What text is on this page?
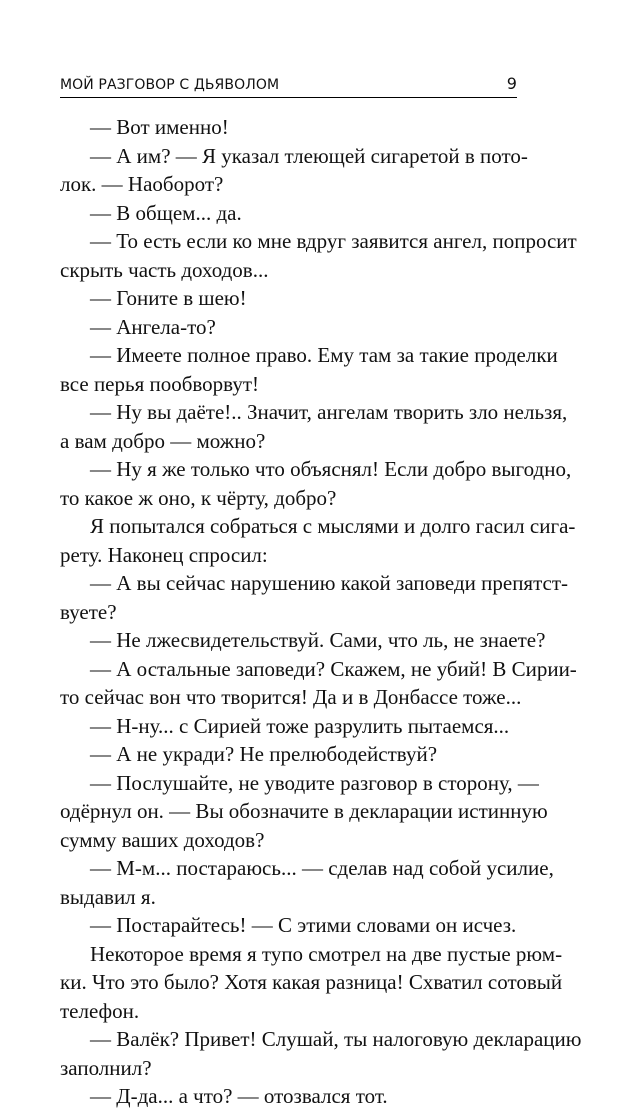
МОЙ РАЗГОВОР С ДЬЯВОЛОМ	9
— Вот именно!
— А им? — Я указал тлеющей сигаретой в пото-
лок. — Наоборот?
— В общем... да.
— То есть если ко мне вдруг заявится ангел, попросит
скрыть часть доходов...
— Гоните в шею!
— Ангела-то?
— Имеете полное право. Ему там за такие проделки
все перья пообворвут!
— Ну вы даёте!.. Значит, ангелам творить зло нельзя,
а вам добро — можно?
— Ну я же только что объяснял! Если добро выгодно,
то какое ж оно, к чёрту, добро?
Я попытался собраться с мыслями и долго гасил сига-
рету. Наконец спросил:
— А вы сейчас нарушению какой заповеди препятст-
вуете?
— Не лжесвидетельствуй. Сами, что ль, не знаете?
— А остальные заповеди? Скажем, не убий! В Сирии-
то сейчас вон что творится! Да и в Донбассе тоже...
— Н-ну... с Сирией тоже разрулить пытаемся...
— А не укради? Не прелюбодействуй?
— Послушайте, не уводите разговор в сторону, —
одёрнул он. — Вы обозначите в декларации истинную
сумму ваших доходов?
— М-м... постараюсь... — сделав над собой усилие,
выдавил я.
— Постарайтесь! — С этими словами он исчез.
Некоторое время я тупо смотрел на две пустые рюм-
ки. Что это было? Хотя какая разница! Схватил сотовый
телефон.
— Валёк? Привет! Слушай, ты налоговую декларацию
заполнил?
— Д-да... а что? — отозвался тот.
